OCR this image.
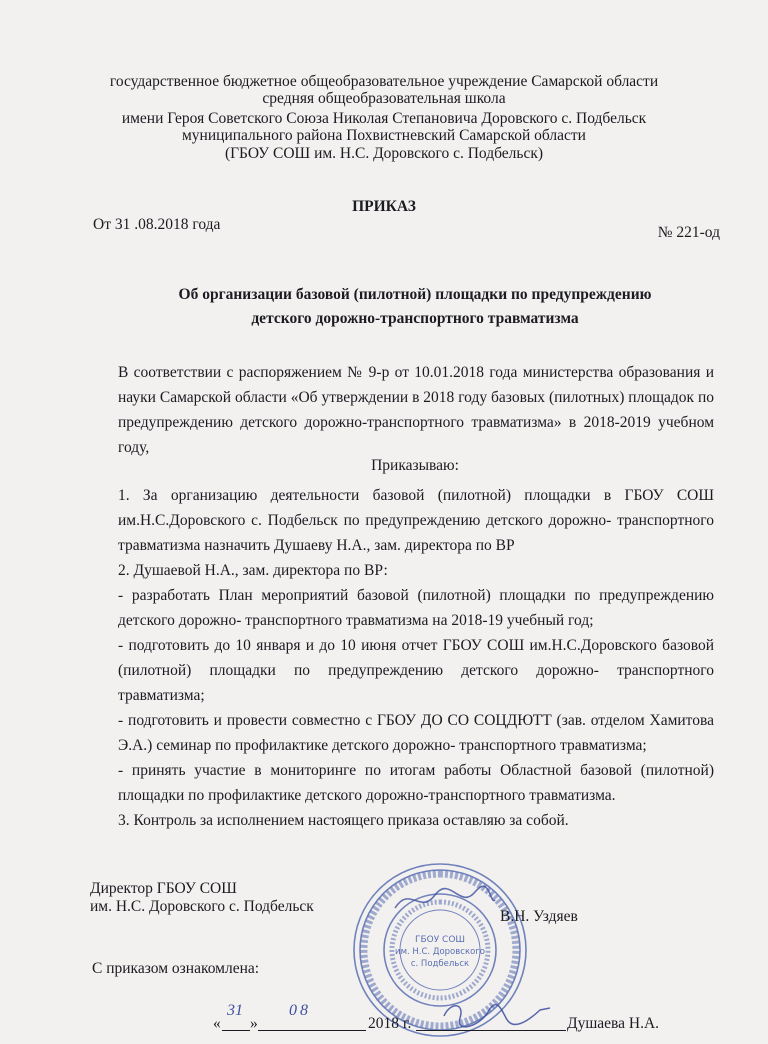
государственное бюджетное общеобразовательное учреждение Самарской области
средняя общеобразовательная школа
имени Героя Советского Союза Николая Степановича Доровского с. Подбельск
муниципального района Похвистневский Самарской области
(ГБОУ СОШ им. Н.С. Доровского с. Подбельск)
ПРИКАЗ
От 31 .08.2018 года	№ 221-од
Об организации базовой (пилотной) площадки по предупреждению
детского дорожно-транспортного травматизма
В соответствии с распоряжением № 9-р от 10.01.2018 года министерства образования и
науки Самарской области «Об утверждении в 2018 году базовых (пилотных) площадок по
предупреждению детского дорожно-транспортного травматизма» в 2018-2019 учебном
году,
Приказываю:
1. За организацию деятельности базовой (пилотной) площадки в ГБОУ СОШ
им.Н.С.Доровского с. Подбельск по предупреждению детского дорожно- транспортного
травматизма назначить Душаеву Н.А., зам. директора по ВР
2. Душаевой Н.А., зам. директора по ВР:
- разработать План мероприятий базовой (пилотной) площадки по предупреждению
детского дорожно- транспортного травматизма на 2018-19 учебный год;
- подготовить до 10 января и до 10 июня отчет ГБОУ СОШ им.Н.С.Доровского базовой
(пилотной) площадки по предупреждению детского дорожно- транспортного травматизма;
- подготовить и провести совместно с ГБОУ ДО СО СОЦДЮТТ (зав. отделом Хамитова
Э.А.) семинар по профилактике детского дорожно- транспортного травматизма;
- принять участие в мониторинге по итогам работы Областной базовой (пилотной)
площадки по профилактике детского дорожно-транспортного травматизма.
3. Контроль за исполнением настоящего приказа оставляю за собой.
ГБОУ СОШ
им. Н.С. Доровского
с. Подбельск
Директор ГБОУ СОШ
им. Н.С. Доровского с. Подбельск
В.Н. Уздяев
С приказом ознакомлена:
«
31
»
08
2018 г.	Душаева Н.А.
